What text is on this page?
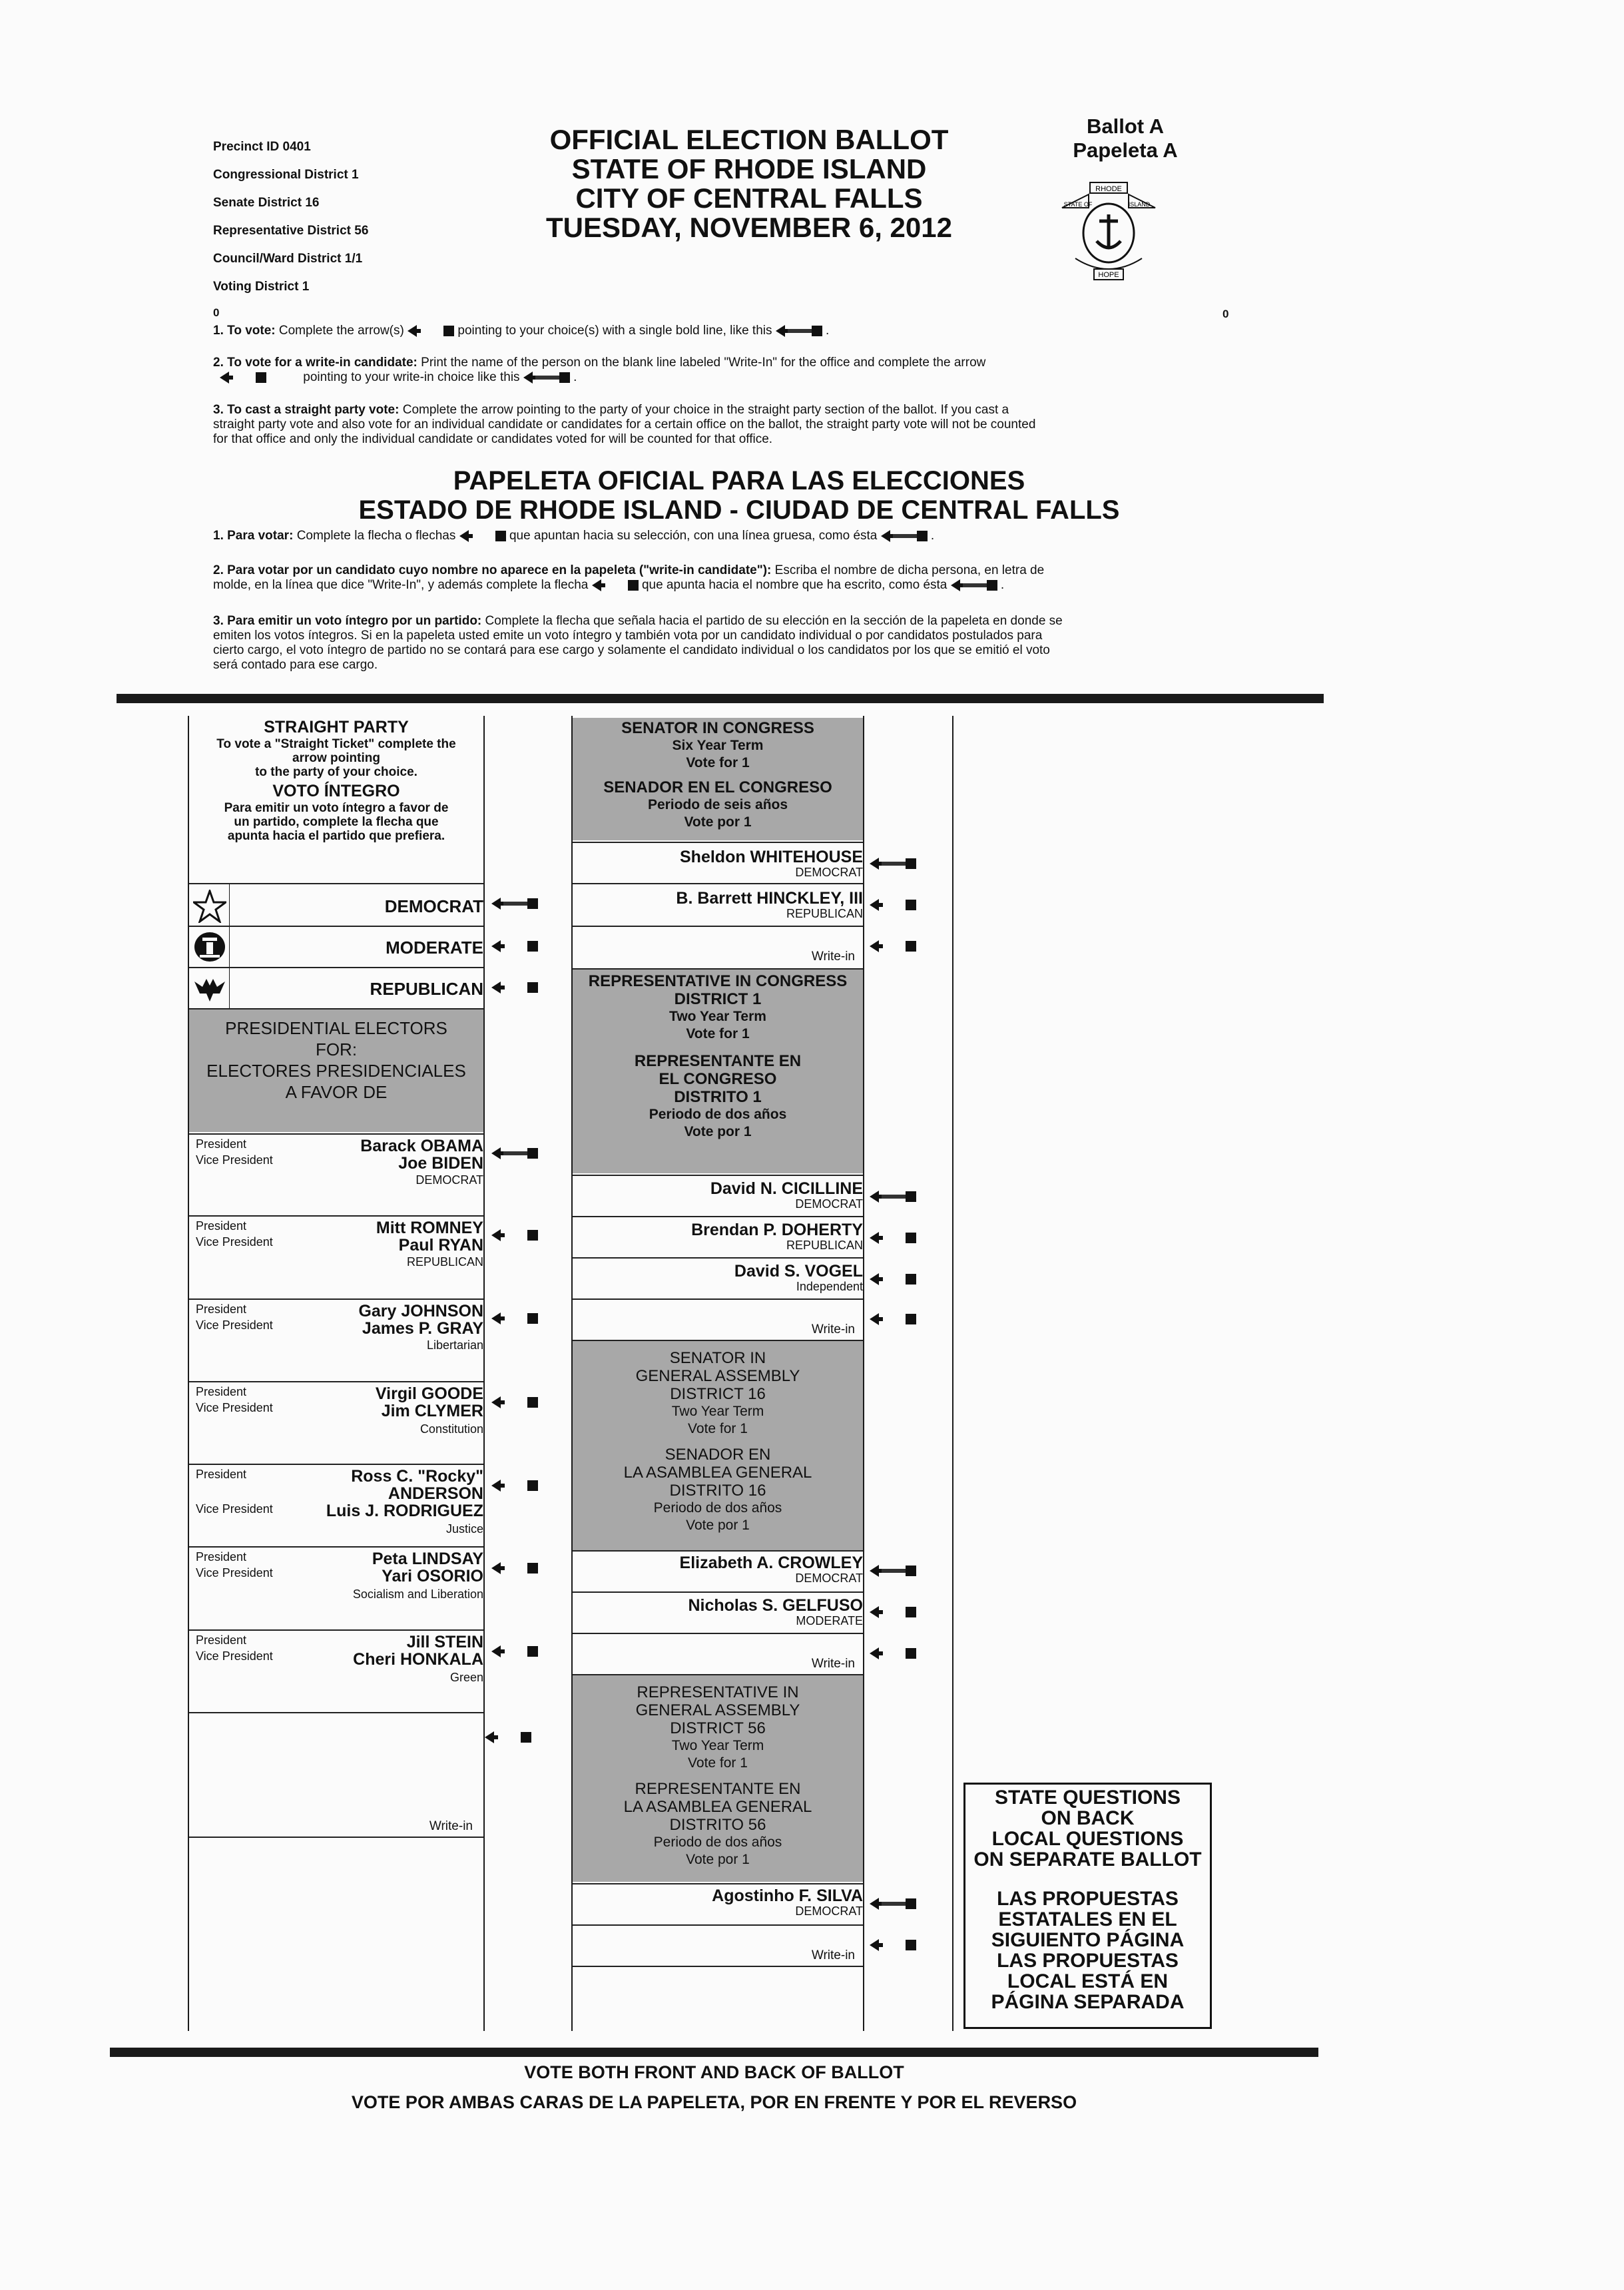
Precinct ID 0401
Congressional District 1
Senate District 16
Representative District 56
Council/Ward District 1/1
Voting District 1
OFFICIAL ELECTION BALLOT
STATE OF RHODE ISLAND
CITY OF CENTRAL FALLS
TUESDAY, NOVEMBER 6, 2012
Ballot A
Papeleta A
RHODE
STATE OF	ISLAND
HOPE
0	0
1. To vote: Complete the arrow(s)	pointing to your choice(s) with a single bold line, like this	.
2. To vote for a write-in candidate: Print the name of the person on the blank line labeled "Write-In" for the office and complete the arrow
pointing to your write-in choice like this	.
3. To cast a straight party vote: Complete the arrow pointing to the party of your choice in the straight party section of the ballot. If you cast a
straight party vote and also vote for an individual candidate or candidates for a certain office on the ballot, the straight party vote will not be counted
for that office and only the individual candidate or candidates voted for will be counted for that office.
PAPELETA OFICIAL PARA LAS ELECCIONES
ESTADO DE RHODE ISLAND - CIUDAD DE CENTRAL FALLS
1. Para votar: Complete la flecha o flechas	que apuntan hacia su selección, con una línea gruesa, como ésta	.
2. Para votar por un candidato cuyo nombre no aparece en la papeleta ("write-in candidate"): Escriba el nombre de dicha persona, en letra de
molde, en la línea que dice "Write-In", y además complete la flecha	que apunta hacia el nombre que ha escrito, como ésta	.
3. Para emitir un voto íntegro por un partido: Complete la flecha que señala hacia el partido de su elección en la sección de la papeleta en donde se
emiten los votos íntegros. Si en la papeleta usted emite un voto íntegro y también vota por un candidato individual o por candidatos postulados para
cierto cargo, el voto íntegro de partido no se contará para ese cargo y solamente el candidato individual o los candidatos por los que se emitió el voto
será contado para ese cargo.
STRAIGHT PARTY
To vote a "Straight Ticket" complete the
arrow pointing
to the party of your choice.
VOTO ÍNTEGRO
Para emitir un voto íntegro a favor de
un partido, complete la flecha que
apunta hacia el partido que prefiera.
DEMOCRAT
MODERATE
REPUBLICAN
PRESIDENTIAL ELECTORS
FOR:
ELECTORES PRESIDENCIALES
A FAVOR DE
President
Vice President
Barack OBAMA
Joe BIDEN
DEMOCRAT
President
Vice President
Mitt ROMNEY
Paul RYAN
REPUBLICAN
President
Vice President
Gary JOHNSON
James P. GRAY
Libertarian
President
Vice President
Virgil GOODE
Jim CLYMER
Constitution
President
Vice President
Ross C. "Rocky"
ANDERSON
Luis J. RODRIGUEZ
Justice
President
Vice President
Peta LINDSAY
Yari OSORIO
Socialism and Liberation
President
Vice President
Jill STEIN
Cheri HONKALA
Green
Write-in
SENATOR IN CONGRESS
Six Year Term
Vote for 1
SENADOR EN EL CONGRESO
Periodo de seis años
Vote por 1
Sheldon WHITEHOUSE
DEMOCRAT
B. Barrett HINCKLEY, III
REPUBLICAN
Write-in
REPRESENTATIVE IN CONGRESS
DISTRICT 1
Two Year Term
Vote for 1
REPRESENTANTE EN
EL CONGRESO
DISTRITO 1
Periodo de dos años
Vote por 1
David N. CICILLINE
DEMOCRAT
Brendan P. DOHERTY
REPUBLICAN
David S. VOGEL
Independent
Write-in
SENATOR IN
GENERAL ASSEMBLY
DISTRICT 16
Two Year Term
Vote for 1
SENADOR EN
LA ASAMBLEA GENERAL
DISTRITO 16
Periodo de dos años
Vote por 1
Elizabeth A. CROWLEY
DEMOCRAT
Nicholas S. GELFUSO
MODERATE
Write-in
REPRESENTATIVE IN
GENERAL ASSEMBLY
DISTRICT 56
Two Year Term
Vote for 1
REPRESENTANTE EN
LA ASAMBLEA GENERAL
DISTRITO 56
Periodo de dos años
Vote por 1
Agostinho F. SILVA
DEMOCRAT
Write-in
STATE QUESTIONS
ON BACK
LOCAL QUESTIONS
ON SEPARATE BALLOT
LAS PROPUESTAS
ESTATALES EN EL
SIGUIENTO PÁGINA
LAS PROPUESTAS
LOCAL ESTÁ EN
PÁGINA SEPARADA
VOTE BOTH FRONT AND BACK OF BALLOT
VOTE POR AMBAS CARAS DE LA PAPELETA, POR EN FRENTE Y POR EL REVERSO
